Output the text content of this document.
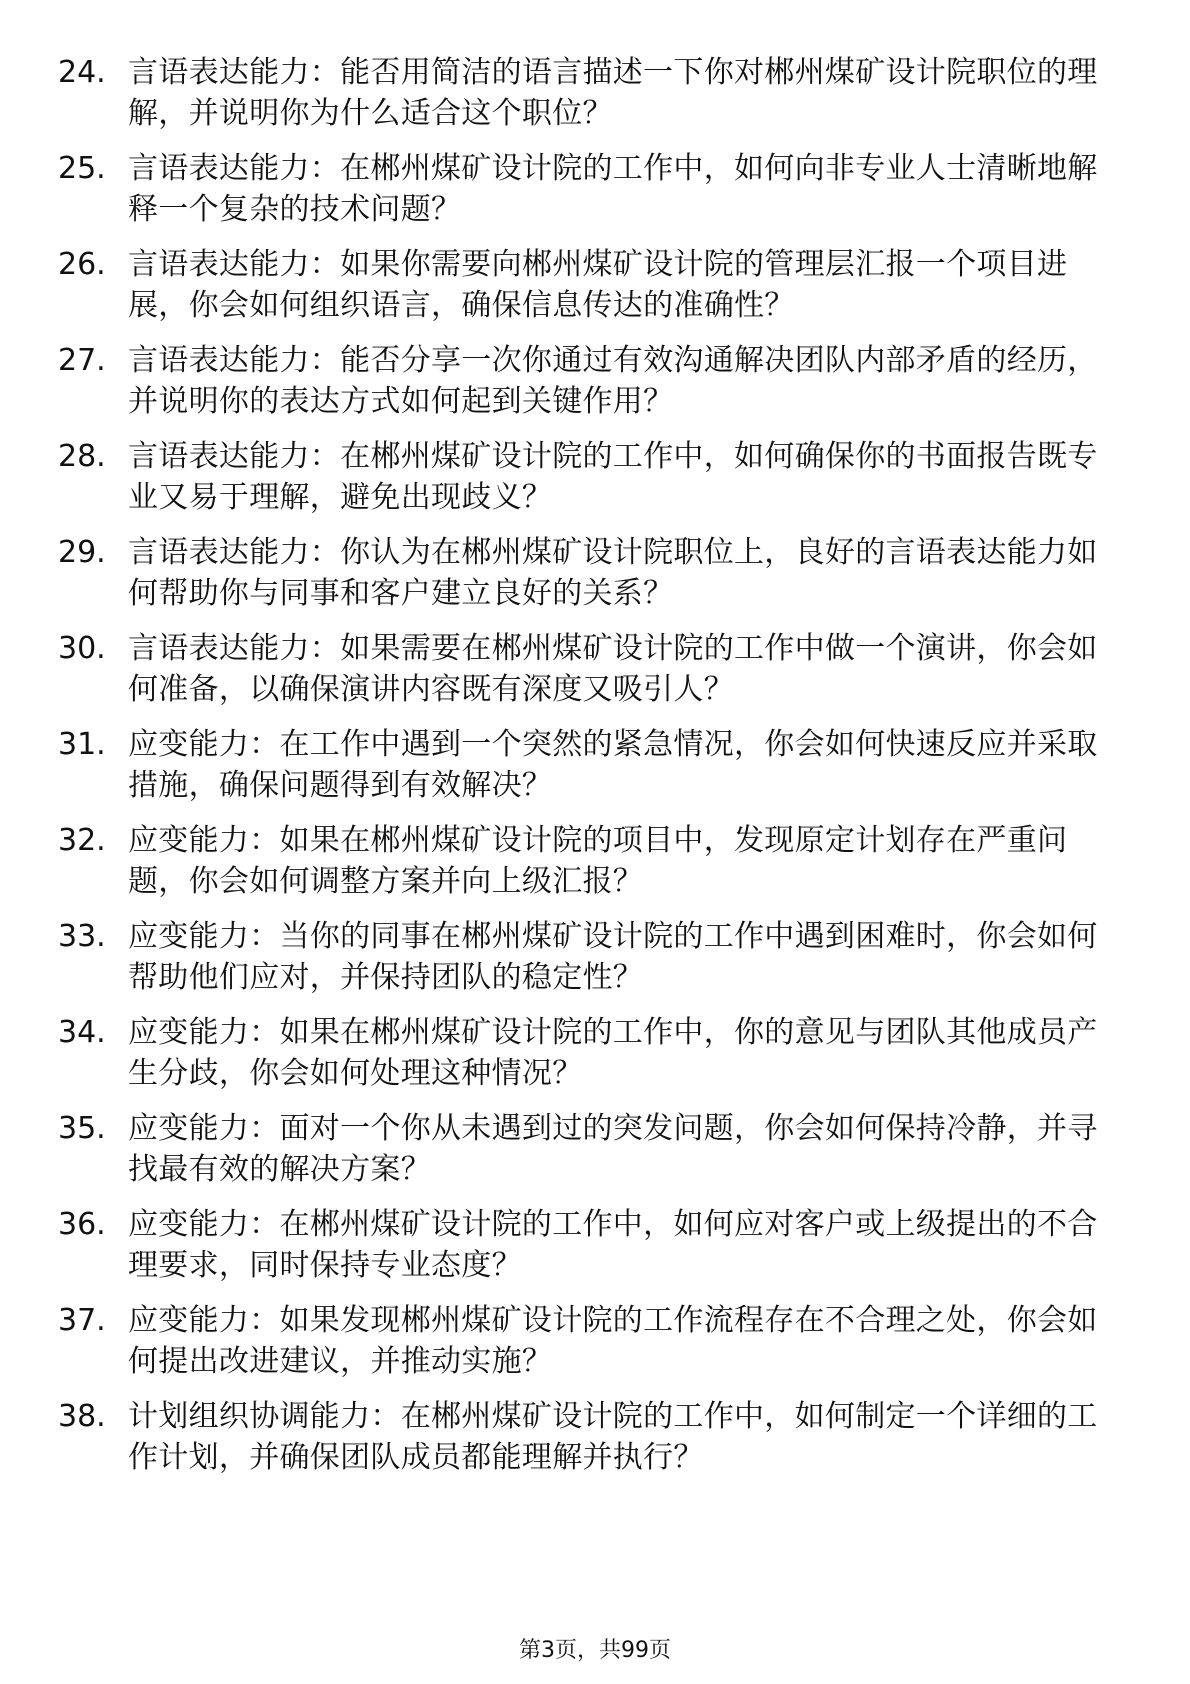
24. 言语表达能力：能否用简洁的语言描述一下你对郴州煤矿设计院职位的理解，并说明你为什么适合这个职位？
25. 言语表达能力：在郴州煤矿设计院的工作中，如何向非专业人士清晰地解释一个复杂的技术问题？
26. 言语表达能力：如果你需要向郴州煤矿设计院的管理层汇报一个项目进展，你会如何组织语言，确保信息传达的准确性？
27. 言语表达能力：能否分享一次你通过有效沟通解决团队内部矛盾的经历，并说明你的表达方式如何起到关键作用？
28. 言语表达能力：在郴州煤矿设计院的工作中，如何确保你的书面报告既专业又易于理解，避免出现歧义？
29. 言语表达能力：你认为在郴州煤矿设计院职位上，良好的言语表达能力如何帮助你与同事和客户建立良好的关系？
30. 言语表达能力：如果需要在郴州煤矿设计院的工作中做一个演讲，你会如何准备，以确保演讲内容既有深度又吸引人？
31. 应变能力：在工作中遇到一个突然的紧急情况，你会如何快速反应并采取措施，确保问题得到有效解决？
32. 应变能力：如果在郴州煤矿设计院的项目中，发现原定计划存在严重问题，你会如何调整方案并向上级汇报？
33. 应变能力：当你的同事在郴州煤矿设计院的工作中遇到困难时，你会如何帮助他们应对，并保持团队的稳定性？
34. 应变能力：如果在郴州煤矿设计院的工作中，你的意见与团队其他成员产生分歧，你会如何处理这种情况？
35. 应变能力：面对一个你从未遇到过的突发问题，你会如何保持冷静，并寻找最有效的解决方案？
36. 应变能力：在郴州煤矿设计院的工作中，如何应对客户或上级提出的不合理要求，同时保持专业态度？
37. 应变能力：如果发现郴州煤矿设计院的工作流程存在不合理之处，你会如何提出改进建议，并推动实施？
38. 计划组织协调能力：在郴州煤矿设计院的工作中，如何制定一个详细的工作计划，并确保团队成员都能理解并执行？
第3页，共99页
